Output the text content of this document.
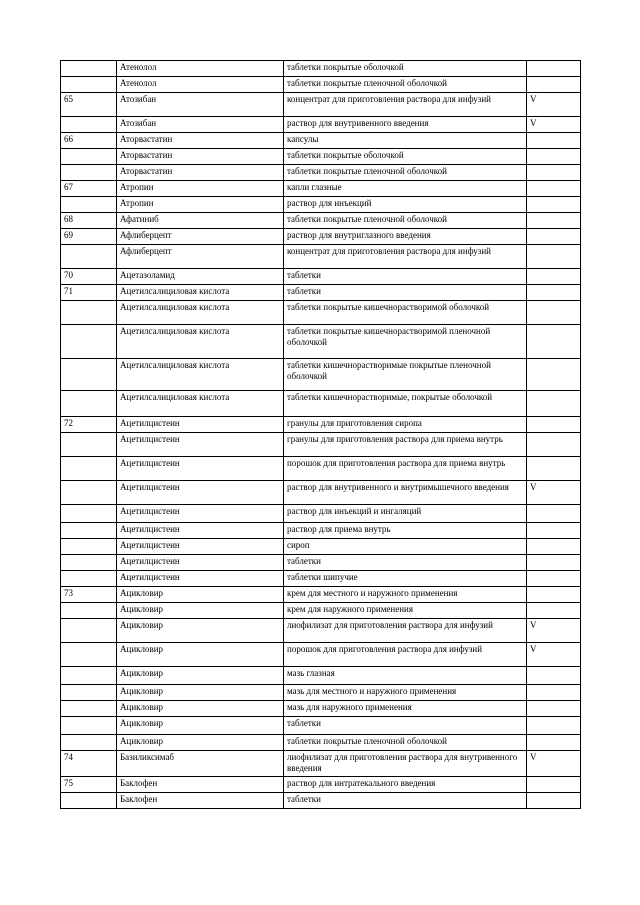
	Атенолол	таблетки покрытые оболочкой	
	Атенолол	таблетки покрытые пленочной оболочкой	
65	Атозибан	концентрат для приготовления раствора для инфузий	V
	Атозибан	раствор для внутривенного введения	V
66	Аторвастатин	капсулы	
	Аторвастатин	таблетки покрытые оболочкой	
	Аторвастатин	таблетки покрытые пленочной оболочкой	
67	Атропин	капли глазные	
	Атропин	раствор для инъекций	
68	Афатиниб	таблетки покрытые пленочной оболочкой	
69	Афлиберцепт	раствор для внутриглазного введения	
	Афлиберцепт	концентрат для приготовления раствора для инфузий	
70	Ацетазоламид	таблетки	
71	Ацетилсалициловая кислота	таблетки	
	Ацетилсалициловая кислота	таблетки покрытые кишечнорастворимой оболочкой	
	Ацетилсалициловая кислота	таблетки покрытые кишечнорастворимой пленочной оболочкой	
	Ацетилсалициловая кислота	таблетки кишечнорастворимые покрытые пленочной оболочкой	
	Ацетилсалициловая кислота	таблетки кишечнорастворимые, покрытые оболочкой	
72	Ацетилцистеин	гранулы для приготовления сиропа	
	Ацетилцистеин	гранулы для приготовления раствора для приема внутрь	
	Ацетилцистеин	порошок для приготовления раствора для приема внутрь	
	Ацетилцистеин	раствор для внутривенного и внутримышечного введения	V
	Ацетилцистеин	раствор для инъекций и ингаляций	
	Ацетилцистеин	раствор для приема внутрь	
	Ацетилцистеин	сироп	
	Ацетилцистеин	таблетки	
	Ацетилцистеин	таблетки шипучие	
73	Ацикловир	крем для местного и наружного применения	
	Ацикловир	крем для наружного применения	
	Ацикловир	лиофилизат для приготовления раствора для инфузий	V
	Ацикловир	порошок для приготовления раствора для инфузий	V
	Ацикловир	мазь глазная	
	Ацикловир	мазь для местного и наружного применения	
	Ацикловир	мазь для наружного применения	
	Ацикловир	таблетки	
	Ацикловир	таблетки покрытые пленочной оболочкой	
74	Базиликсимаб	лиофилизат для приготовления раствора для внутривенного введения	V
75	Баклофен	раствор для интратекального введения	
	Баклофен	таблетки	
